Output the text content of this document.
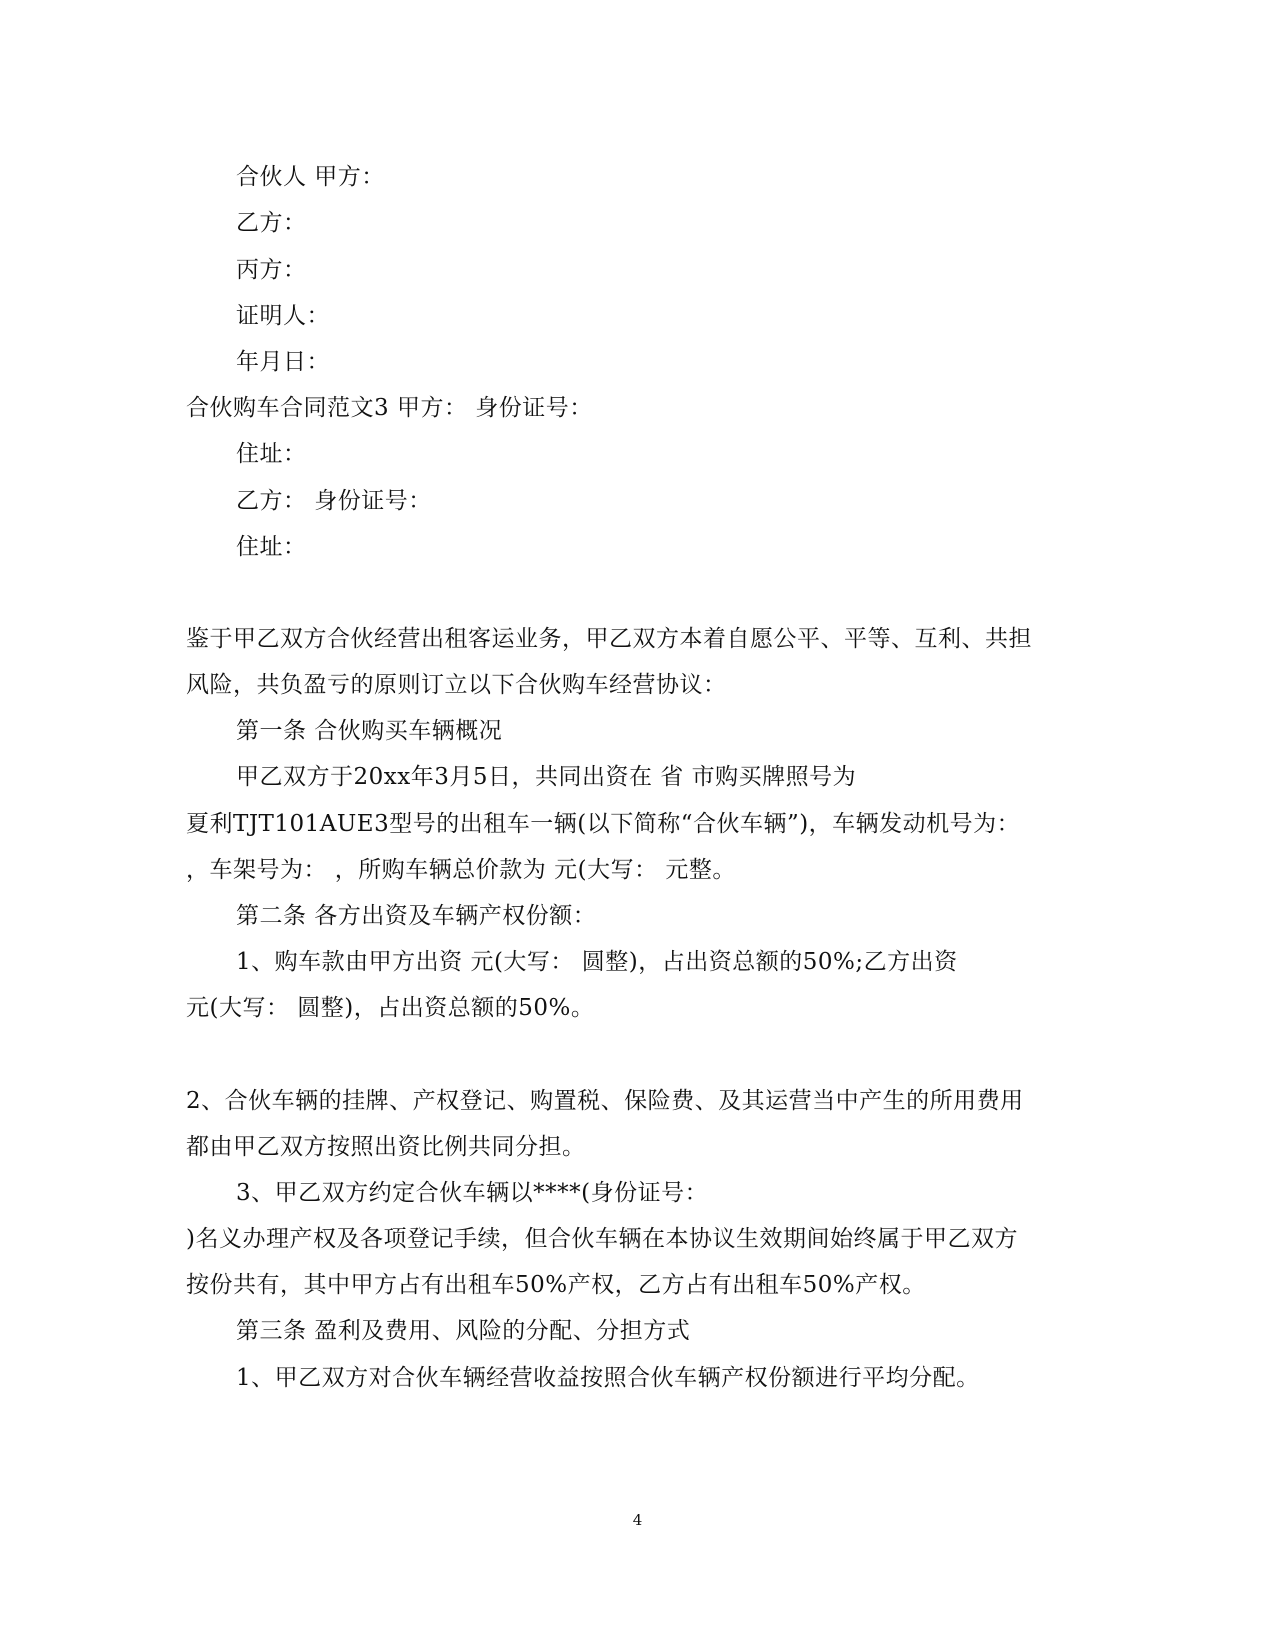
合伙人 甲方：
乙方：
丙方：
证明人：
年月日：
合伙购车合同范文3 甲方： 身份证号：
住址：
乙方： 身份证号：
住址：
鉴于甲乙双方合伙经营出租客运业务，甲乙双方本着自愿公平、平等、互利、共担
风险，共负盈亏的原则订立以下合伙购车经营协议：
第一条 合伙购买车辆概况
甲乙双方于20xx年3月5日，共同出资在 省 市购买牌照号为
夏利TJT101AUE3型号的出租车一辆(以下简称“合伙车辆”)，车辆发动机号为：
，车架号为： ，所购车辆总价款为 元(大写： 元整。
第二条 各方出资及车辆产权份额：
1、购车款由甲方出资 元(大写： 圆整)，占出资总额的50%;乙方出资
元(大写： 圆整)，占出资总额的50%。
2、合伙车辆的挂牌、产权登记、购置税、保险费、及其运营当中产生的所用费用
都由甲乙双方按照出资比例共同分担。
3、甲乙双方约定合伙车辆以****(身份证号：
)名义办理产权及各项登记手续，但合伙车辆在本协议生效期间始终属于甲乙双方
按份共有，其中甲方占有出租车50%产权，乙方占有出租车50%产权。
第三条 盈利及费用、风险的分配、分担方式
1、甲乙双方对合伙车辆经营收益按照合伙车辆产权份额进行平均分配。
4
